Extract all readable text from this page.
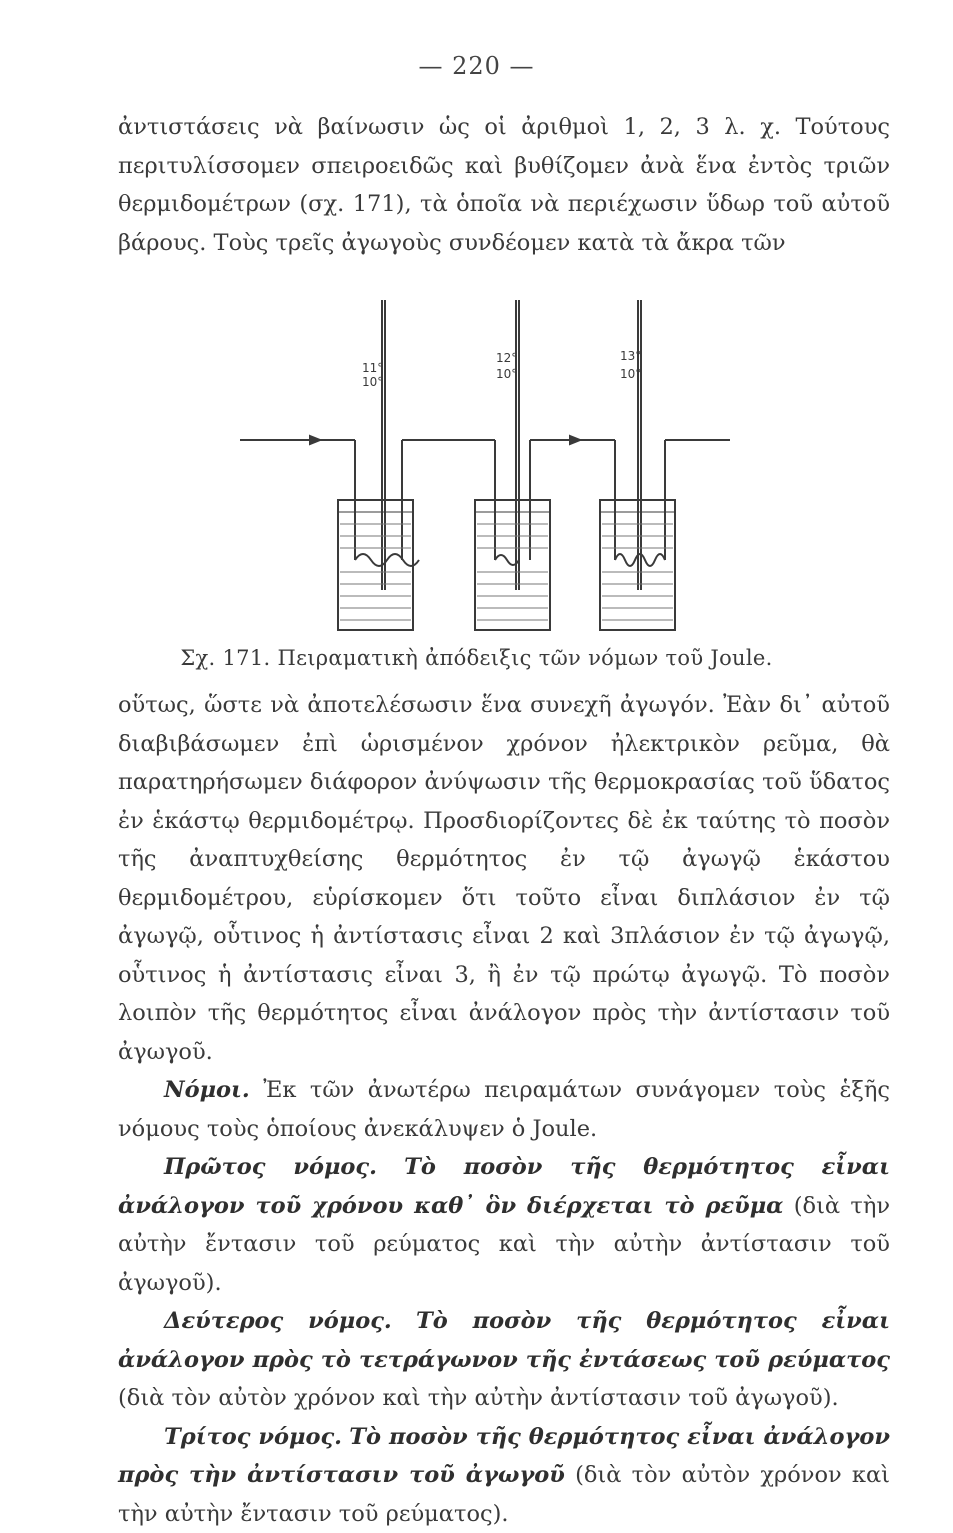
— 220 —

ἀντιστάσεις νὰ βαίνωσιν ὡς οἱ ἀριθμοὶ 1, 2, 3 λ. χ. Τούτους περιτυλίσσομεν σπειροειδῶς καὶ βυθίζομεν ἀνὰ ἕνα ἐντὸς τριῶν θερμιδομέτρων (σχ. 171), τὰ ὁποῖα νὰ περιέχωσιν ὕδωρ τοῦ αὐτοῦ βάρους. Τοὺς τρεῖς ἀγωγοὺς συνδέομεν κατὰ τὰ ἄκρα τῶν

11°
10°
12°
10°
13°
10°
Σχ. 171. Πειραματικὴ ἀπόδειξις τῶν νόμων τοῦ Joule.

οὕτως, ὥστε νὰ ἀποτελέσωσιν ἕνα συνεχῆ ἀγωγόν. Ἐὰν δι᾽ αὐτοῦ διαβιβάσωμεν ἐπὶ ὡρισμένον χρόνον ἠλεκτρικὸν ρεῦμα, θὰ παρατηρήσωμεν διάφορον ἀνύψωσιν τῆς θερμοκρασίας τοῦ ὕδατος ἐν ἑκάστῳ θερμιδομέτρῳ. Προσδιορίζοντες δὲ ἐκ ταύτης τὸ ποσὸν τῆς ἀναπτυχθείσης θερμότητος ἐν τῷ ἀγωγῷ ἑκάστου θερμιδομέτρου, εὑρίσκομεν ὅτι τοῦτο εἶναι διπλάσιον ἐν τῷ ἀγωγῷ, οὗτινος ἡ ἀντίστασις εἶναι 2 καὶ 3πλάσιον ἐν τῷ ἀγωγῷ, οὗτινος ἡ ἀντίστασις εἶναι 3, ἢ ἐν τῷ πρώτῳ ἀγωγῷ. Τὸ ποσὸν λοιπὸν τῆς θερμότητος εἶναι ἀνάλογον πρὸς τὴν ἀντίστασιν τοῦ ἀγωγοῦ.

Νόμοι. Ἐκ τῶν ἀνωτέρω πειραμάτων συνάγομεν τοὺς ἑξῆς νόμους τοὺς ὁποίους ἀνεκάλυψεν ὁ Joule.

Πρῶτος νόμος. Τὸ ποσὸν τῆς θερμότητος εἶναι ἀνάλογον τοῦ χρόνου καθ᾽ ὃν διέρχεται τὸ ρεῦμα (διὰ τὴν αὐτὴν ἔντασιν τοῦ ρεύματος καὶ τὴν αὐτὴν ἀντίστασιν τοῦ ἀγωγοῦ).

Δεύτερος νόμος. Τὸ ποσὸν τῆς θερμότητος εἶναι ἀνάλογον πρὸς τὸ τετράγωνον τῆς ἐντάσεως τοῦ ρεύματος (διὰ τὸν αὐτὸν χρόνον καὶ τὴν αὐτὴν ἀντίστασιν τοῦ ἀγωγοῦ).

Τρίτος νόμος. Τὸ ποσὸν τῆς θερμότητος εἶναι ἀνάλογον πρὸς τὴν ἀντίστασιν τοῦ ἀγωγοῦ (διὰ τὸν αὐτὸν χρόνον καὶ τὴν αὐτὴν ἔντασιν τοῦ ρεύματος).
